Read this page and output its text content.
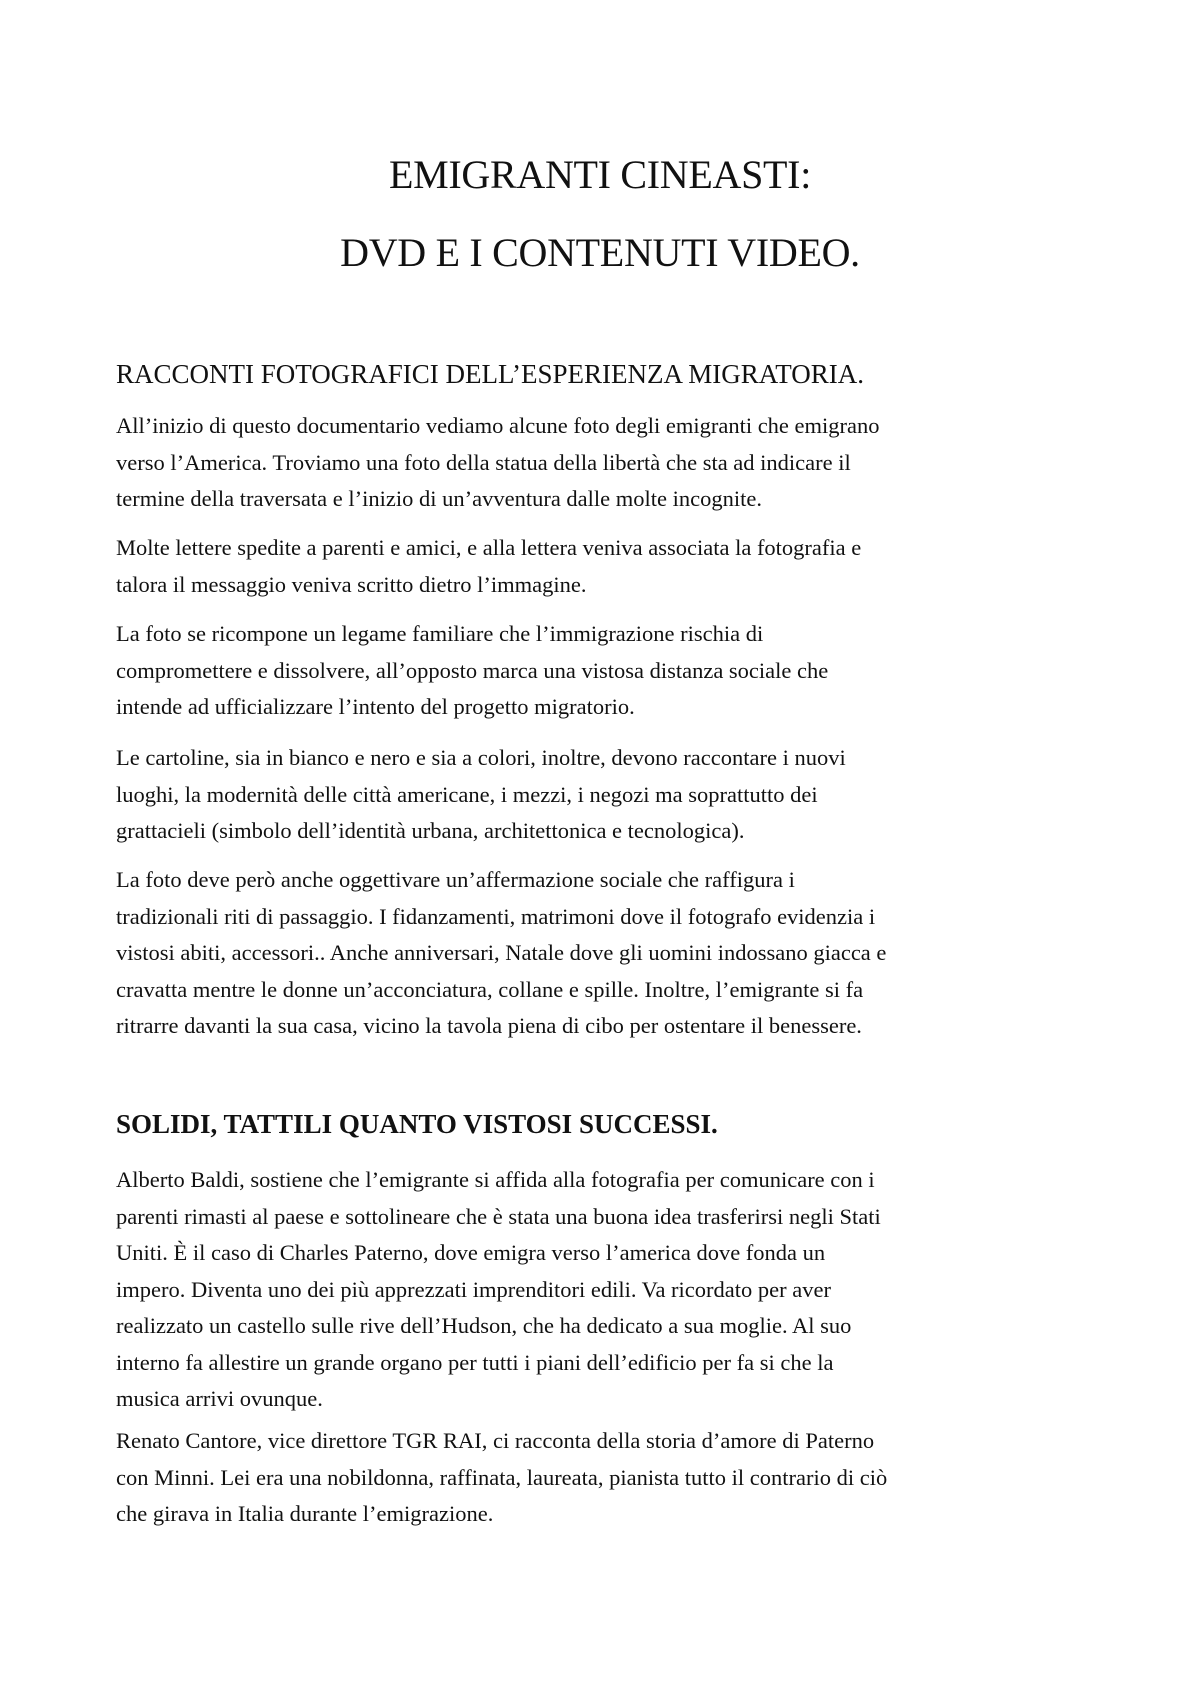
EMIGRANTI CINEASTI:
DVD E I CONTENUTI VIDEO.
RACCONTI FOTOGRAFICI DELL’ESPERIENZA MIGRATORIA.

All’inizio di questo documentario vediamo alcune foto degli emigranti che emigrano
verso l’America. Troviamo una foto della statua della libertà che sta ad indicare il
termine della traversata e l’inizio di un’avventura dalle molte incognite.

Molte lettere spedite a parenti e amici, e alla lettera veniva associata la fotografia e
talora il messaggio veniva scritto dietro l’immagine.

La foto se ricompone un legame familiare che l’immigrazione rischia di
compromettere e dissolvere, all’opposto marca una vistosa distanza sociale che
intende ad ufficializzare l’intento del progetto migratorio.

Le cartoline, sia in bianco e nero e sia a colori, inoltre, devono raccontare i nuovi
luoghi, la modernità delle città americane, i mezzi, i negozi ma soprattutto dei
grattacieli (simbolo dell’identità urbana, architettonica e tecnologica).

La foto deve però anche oggettivare un’affermazione sociale che raffigura i
tradizionali riti di passaggio. I fidanzamenti, matrimoni dove il fotografo evidenzia i
vistosi abiti, accessori.. Anche anniversari, Natale dove gli uomini indossano giacca e
cravatta mentre le donne un’acconciatura, collane e spille. Inoltre, l’emigrante si fa
ritrarre davanti la sua casa, vicino la tavola piena di cibo per ostentare il benessere.

SOLIDI, TATTILI QUANTO VISTOSI SUCCESSI.

Alberto Baldi, sostiene che l’emigrante si affida alla fotografia per comunicare con i
parenti rimasti al paese e sottolineare che è stata una buona idea trasferirsi negli Stati
Uniti. È il caso di Charles Paterno, dove emigra verso l’america dove fonda un
impero. Diventa uno dei più apprezzati imprenditori edili. Va ricordato per aver
realizzato un castello sulle rive dell’Hudson, che ha dedicato a sua moglie. Al suo
interno fa allestire un grande organo per tutti i piani dell’edificio per fa si che la
musica arrivi ovunque.

Renato Cantore, vice direttore TGR RAI, ci racconta della storia d’amore di Paterno
con Minni. Lei era una nobildonna, raffinata, laureata, pianista tutto il contrario di ciò
che girava in Italia durante l’emigrazione.
